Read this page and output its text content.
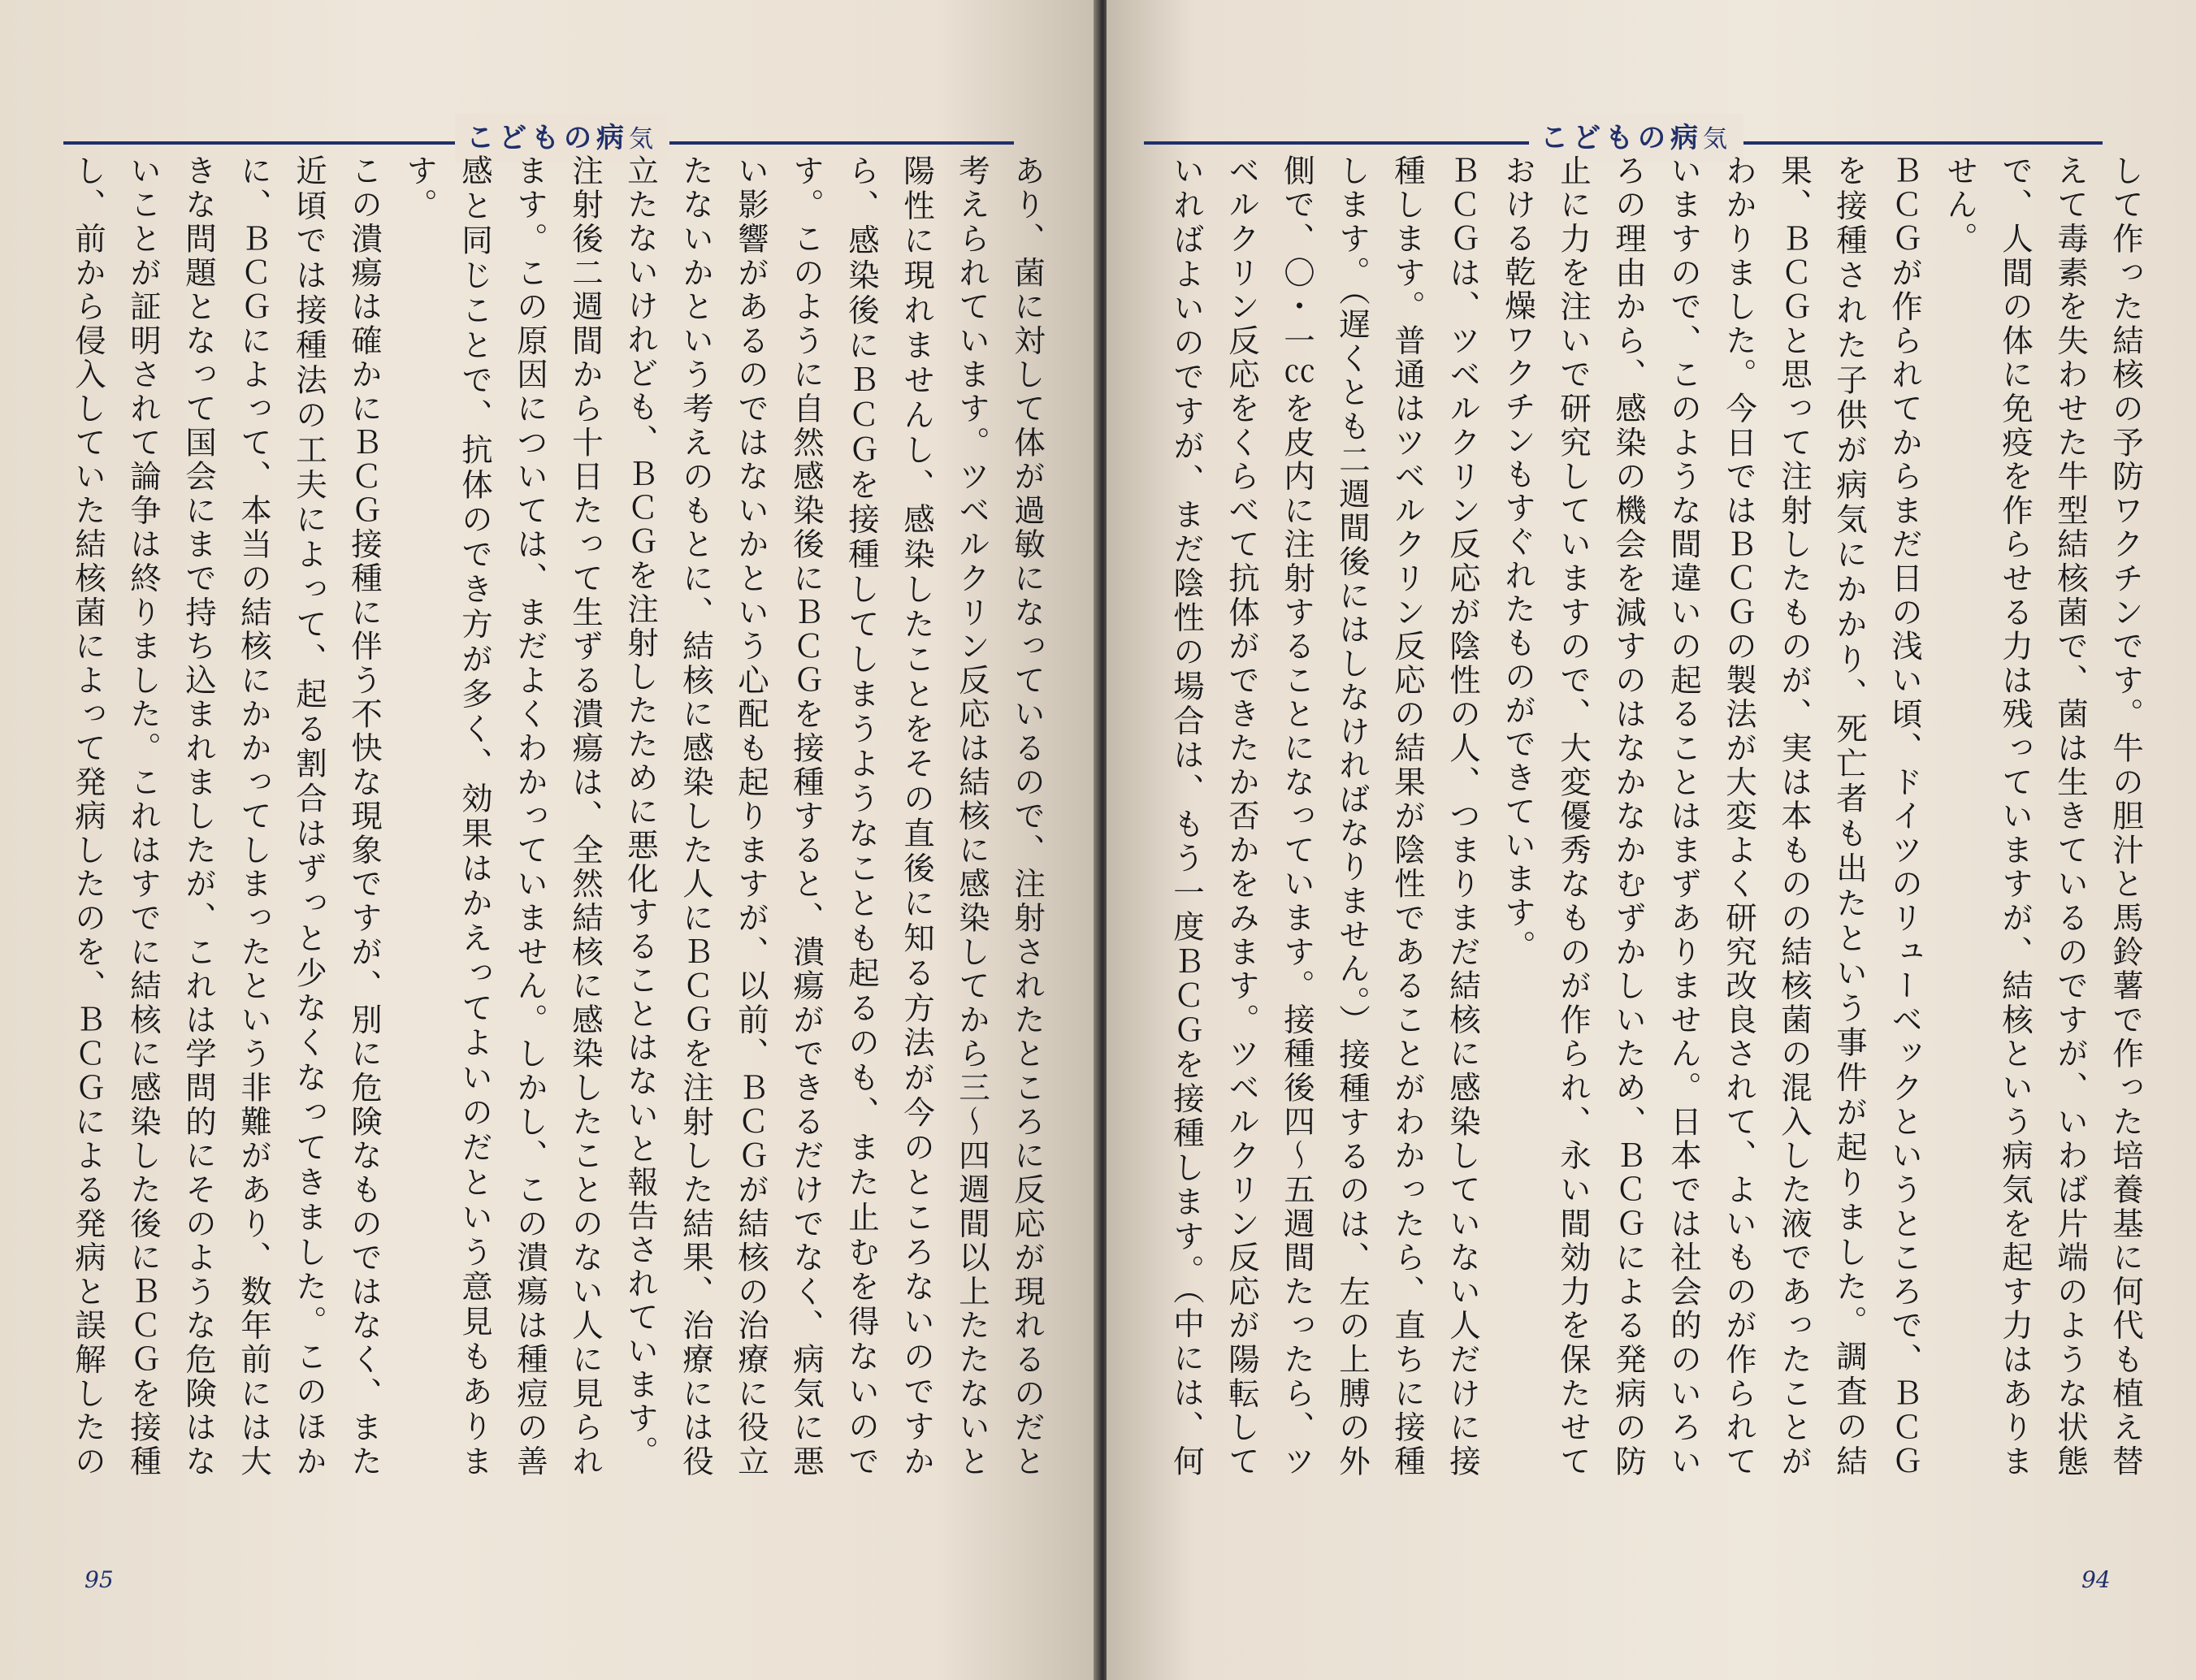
こどもの病気

あり、菌に対して体が過敏になっているので、注射されたところに反応が現れるのだと考えられています。ツベルクリン反応は結核に感染してから三～四週間以上たたないと陽性に現れませんし、感染したことをその直後に知る方法が今のところないのですから、感染後にＢＣＧを接種してしまうようなことも起るのも、また止むを得ないのです。このように自然感染後にＢＣＧを接種すると、潰瘍ができるだけでなく、病気に悪い影響があるのではないかという心配も起りますが、以前、ＢＣＧが結核の治療に役立たないかという考えのもとに、結核に感染した人にＢＣＧを注射した結果、治療には役立たないけれども、ＢＣＧを注射したために悪化することはないと報告されています。

注射後二週間から十日たって生ずる潰瘍は、全然結核に感染したことのない人に見られます。この原因については、まだよくわかっていません。しかし、この潰瘍は種痘の善感と同じことで、抗体のでき方が多く、効果はかえってよいのだという意見もあります。

この潰瘍は確かにＢＣＧ接種に伴う不快な現象ですが、別に危険なものではなく、また近頃では接種法の工夫によって、起る割合はずっと少なくなってきました。このほかに、ＢＣＧによって、本当の結核にかかってしまったという非難があり、数年前には大きな問題となって国会にまで持ち込まれましたが、これは学問的にそのような危険はないことが証明されて論争は終りました。これはすでに結核に感染した後にＢＣＧを接種し、前から侵入していた結核菌によって発病したのを、ＢＣＧによる発病と誤解したの

95
こどもの病気

して作った結核の予防ワクチンです。牛の胆汁と馬鈴薯で作った培養基に何代も植え替えて毒素を失わせた牛型結核菌で、菌は生きているのですが、いわば片端のような状態で、人間の体に免疫を作らせる力は残っていますが、結核という病気を起す力はありません。

ＢＣＧが作られてからまだ日の浅い頃、ドイツのリューベックというところで、ＢＣＧを接種された子供が病気にかかり、死亡者も出たという事件が起りました。調査の結果、ＢＣＧと思って注射したものが、実は本ものの結核菌の混入した液であったことがわかりました。今日ではＢＣＧの製法が大変よく研究改良されて、よいものが作られていますので、このような間違いの起ることはまずありません。日本では社会的のいろいろの理由から、感染の機会を減すのはなかなかむずかしいため、ＢＣＧによる発病の防止に力を注いで研究していますので、大変優秀なものが作られ、永い間効力を保たせておける乾燥ワクチンもすぐれたものができています。

ＢＣＧは、ツベルクリン反応が陰性の人、つまりまだ結核に感染していない人だけに接種します。普通はツベルクリン反応の結果が陰性であることがわかったら、直ちに接種します。（遅くとも二週間後にはしなければなりません。）接種するのは、左の上膊の外側で、〇・一㏄を皮内に注射することになっています。接種後四～五週間たったら、ツベルクリン反応をくらべて抗体ができたか否かをみます。ツベルクリン反応が陽転していればよいのですが、まだ陰性の場合は、もう一度ＢＣＧを接種します。（中には、何

94
